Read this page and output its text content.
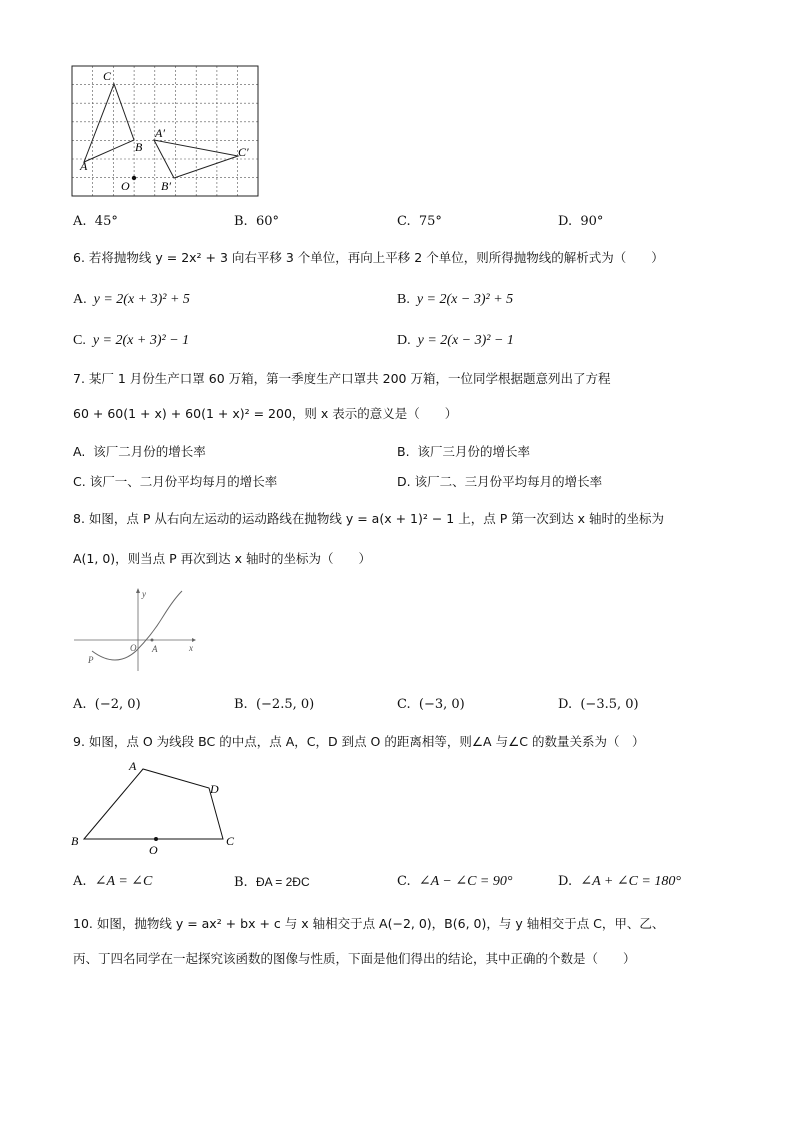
C
A
B
O
A′
B′
C′
A. 45°	B. 60°	C. 75°	D. 90°
6. 若将抛物线 y = 2x² + 3 向右平移 3 个单位，再向上平移 2 个单位，则所得抛物线的解析式为（　　）
A. y = 2(x + 3)² + 5	B. y = 2(x − 3)² + 5
C. y = 2(x + 3)² − 1	D. y = 2(x − 3)² − 1
7. 某厂 1 月份生产口罩 60 万箱，第一季度生产口罩共 200 万箱，一位同学根据题意列出了方程
60 + 60(1 + x) + 60(1 + x)² = 200，则 x 表示的意义是（　　）
A. 该厂二月份的增长率	B. 该厂三月份的增长率
C. 该厂一、二月份平均每月的增长率	D. 该厂二、三月份平均每月的增长率
8. 如图，点 P 从右向左运动的运动路线在抛物线 y = a(x + 1)² − 1 上，点 P 第一次到达 x 轴时的坐标为
A(1, 0)，则当点 P 再次到达 x 轴时的坐标为（　　）
y
x
O A
P
A. (−2, 0)	B. (−2.5, 0)	C. (−3, 0)	D. (−3.5, 0)
9. 如图，点 O 为线段 BC 的中点，点 A，C，D 到点 O 的距离相等，则∠A 与∠C 的数量关系为（　）
A
B	C
D
O
A. ∠A = ∠C	B. ÐA = 2ÐC	C. ∠A − ∠C = 90°	D. ∠A + ∠C = 180°
10. 如图，抛物线 y = ax² + bx + c 与 x 轴相交于点 A(−2, 0)，B(6, 0)，与 y 轴相交于点 C，甲、乙、
丙、丁四名同学在一起探究该函数的图像与性质，下面是他们得出的结论，其中正确的个数是（　　）
